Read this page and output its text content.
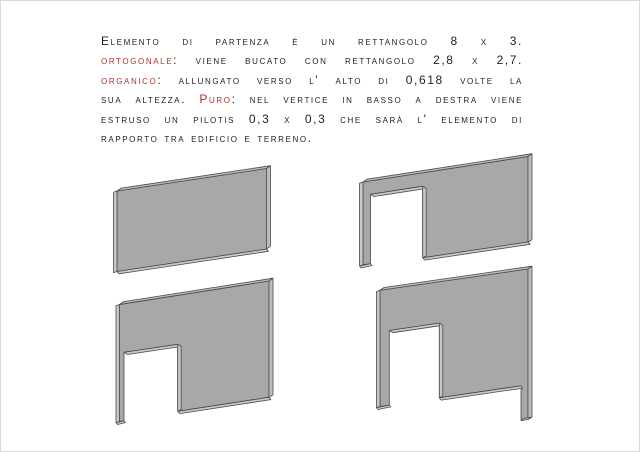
Elemento di partenza è un rettangolo 8 x 3.
ortogonale: viene bucato con rettangolo 2,8 x 2,7.
organico: allungato verso l' alto di 0,618 volte la
sua altezza. Puro: nel vertice in basso a destra viene
estruso un pilotis 0,3 x 0,3 che sarà l' elemento di
rapporto tra edificio e terreno.
